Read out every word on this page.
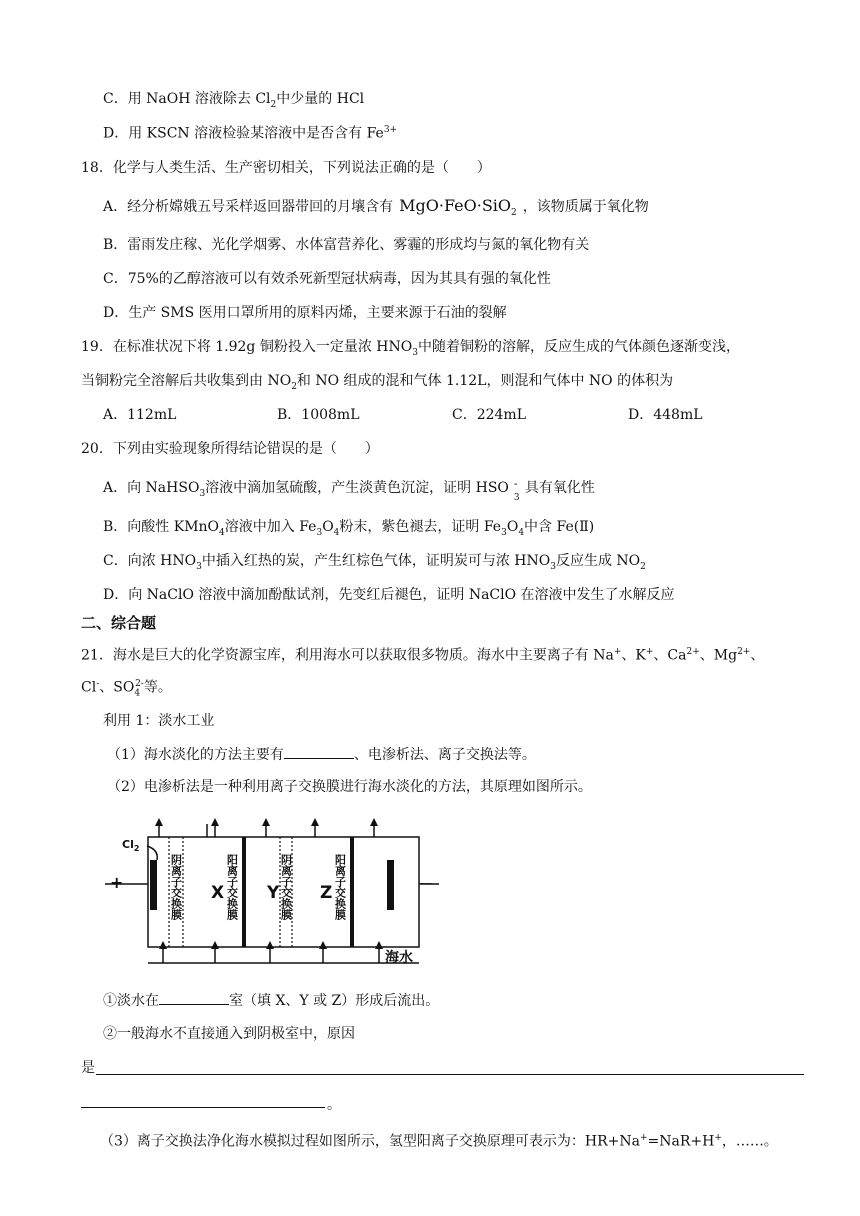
C．用 NaOH 溶液除去 $Cl_2$中少量的 HCl
D．用 KSCN 溶液检验某溶液中是否含有 $Fe^{3+}$
18．化学与人类生活、生产密切相关，下列说法正确的是（　　）
A．经分析嫦娥五号采样返回器带回的月壤含有 MgO·FeO·SiO$_2$ ，该物质属于氧化物
B．雷雨发庄稼、光化学烟雾、水体富营养化、雾霾的形成均与氮的氧化物有关
C．75%的乙醇溶液可以有效杀死新型冠状病毒，因为其具有强的氧化性
D．生产 SMS 医用口罩所用的原料丙烯，主要来源于石油的裂解
19．在标准状况下将 1.92g 铜粉投入一定量浓 $HNO_3$中随着铜粉的溶解，反应生成的气体颜色逐渐变浅，
当铜粉完全溶解后共收集到由 $NO_2$和 NO 组成的混和气体 1.12L，则混和气体中 NO 的体积为
A．112mL	B．1008mL	C．224mL	D．448mL
20．下列由实验现象所得结论错误的是（　　）
A．向 NaHSO$_3$溶液中滴加氢硫酸，产生淡黄色沉淀，证明 HSO
3
- 具有氧化性
B．向酸性 KMnO$_4$溶液中加入 $Fe_3O_4$粉末，紫色褪去，证明 $Fe_3O_4$中含 Fe(Ⅱ)
C．向浓 $HNO_3$中插入红热的炭，产生红棕色气体，证明炭可与浓 $HNO_3$反应生成 $NO_2$
D．向 NaClO 溶液中滴加酚酞试剂，先变红后褪色，证明 NaClO 在溶液中发生了水解反应
二、综合题
21．海水是巨大的化学资源宝库，利用海水可以获取很多物质。海水中主要离子有 Na+、K+、$Ca^{2+}$、$Mg^{2+}$、
Cl-、$SO_4^{2-}$等。
利用 1：淡水工业
（1）海水淡化的方法主要有	、电渗析法、离子交换法等。
（2）电渗析法是一种利用离子交换膜进行海水淡化的方法，其原理如图所示。
$Cl_2$
+	－
X	Y Z
海水
阴离子交换膜	阳离子交换膜	阴离子交换膜	阳离子交换膜
①淡水在	室（填 X、Y 或 Z）形成后流出。
②一般海水不直接通入到阴极室中，原因
是
。
（3）离子交换法净化海水模拟过程如图所示，氢型阳离子交换原理可表示为：HR+Na+=NaR+H+，……。
